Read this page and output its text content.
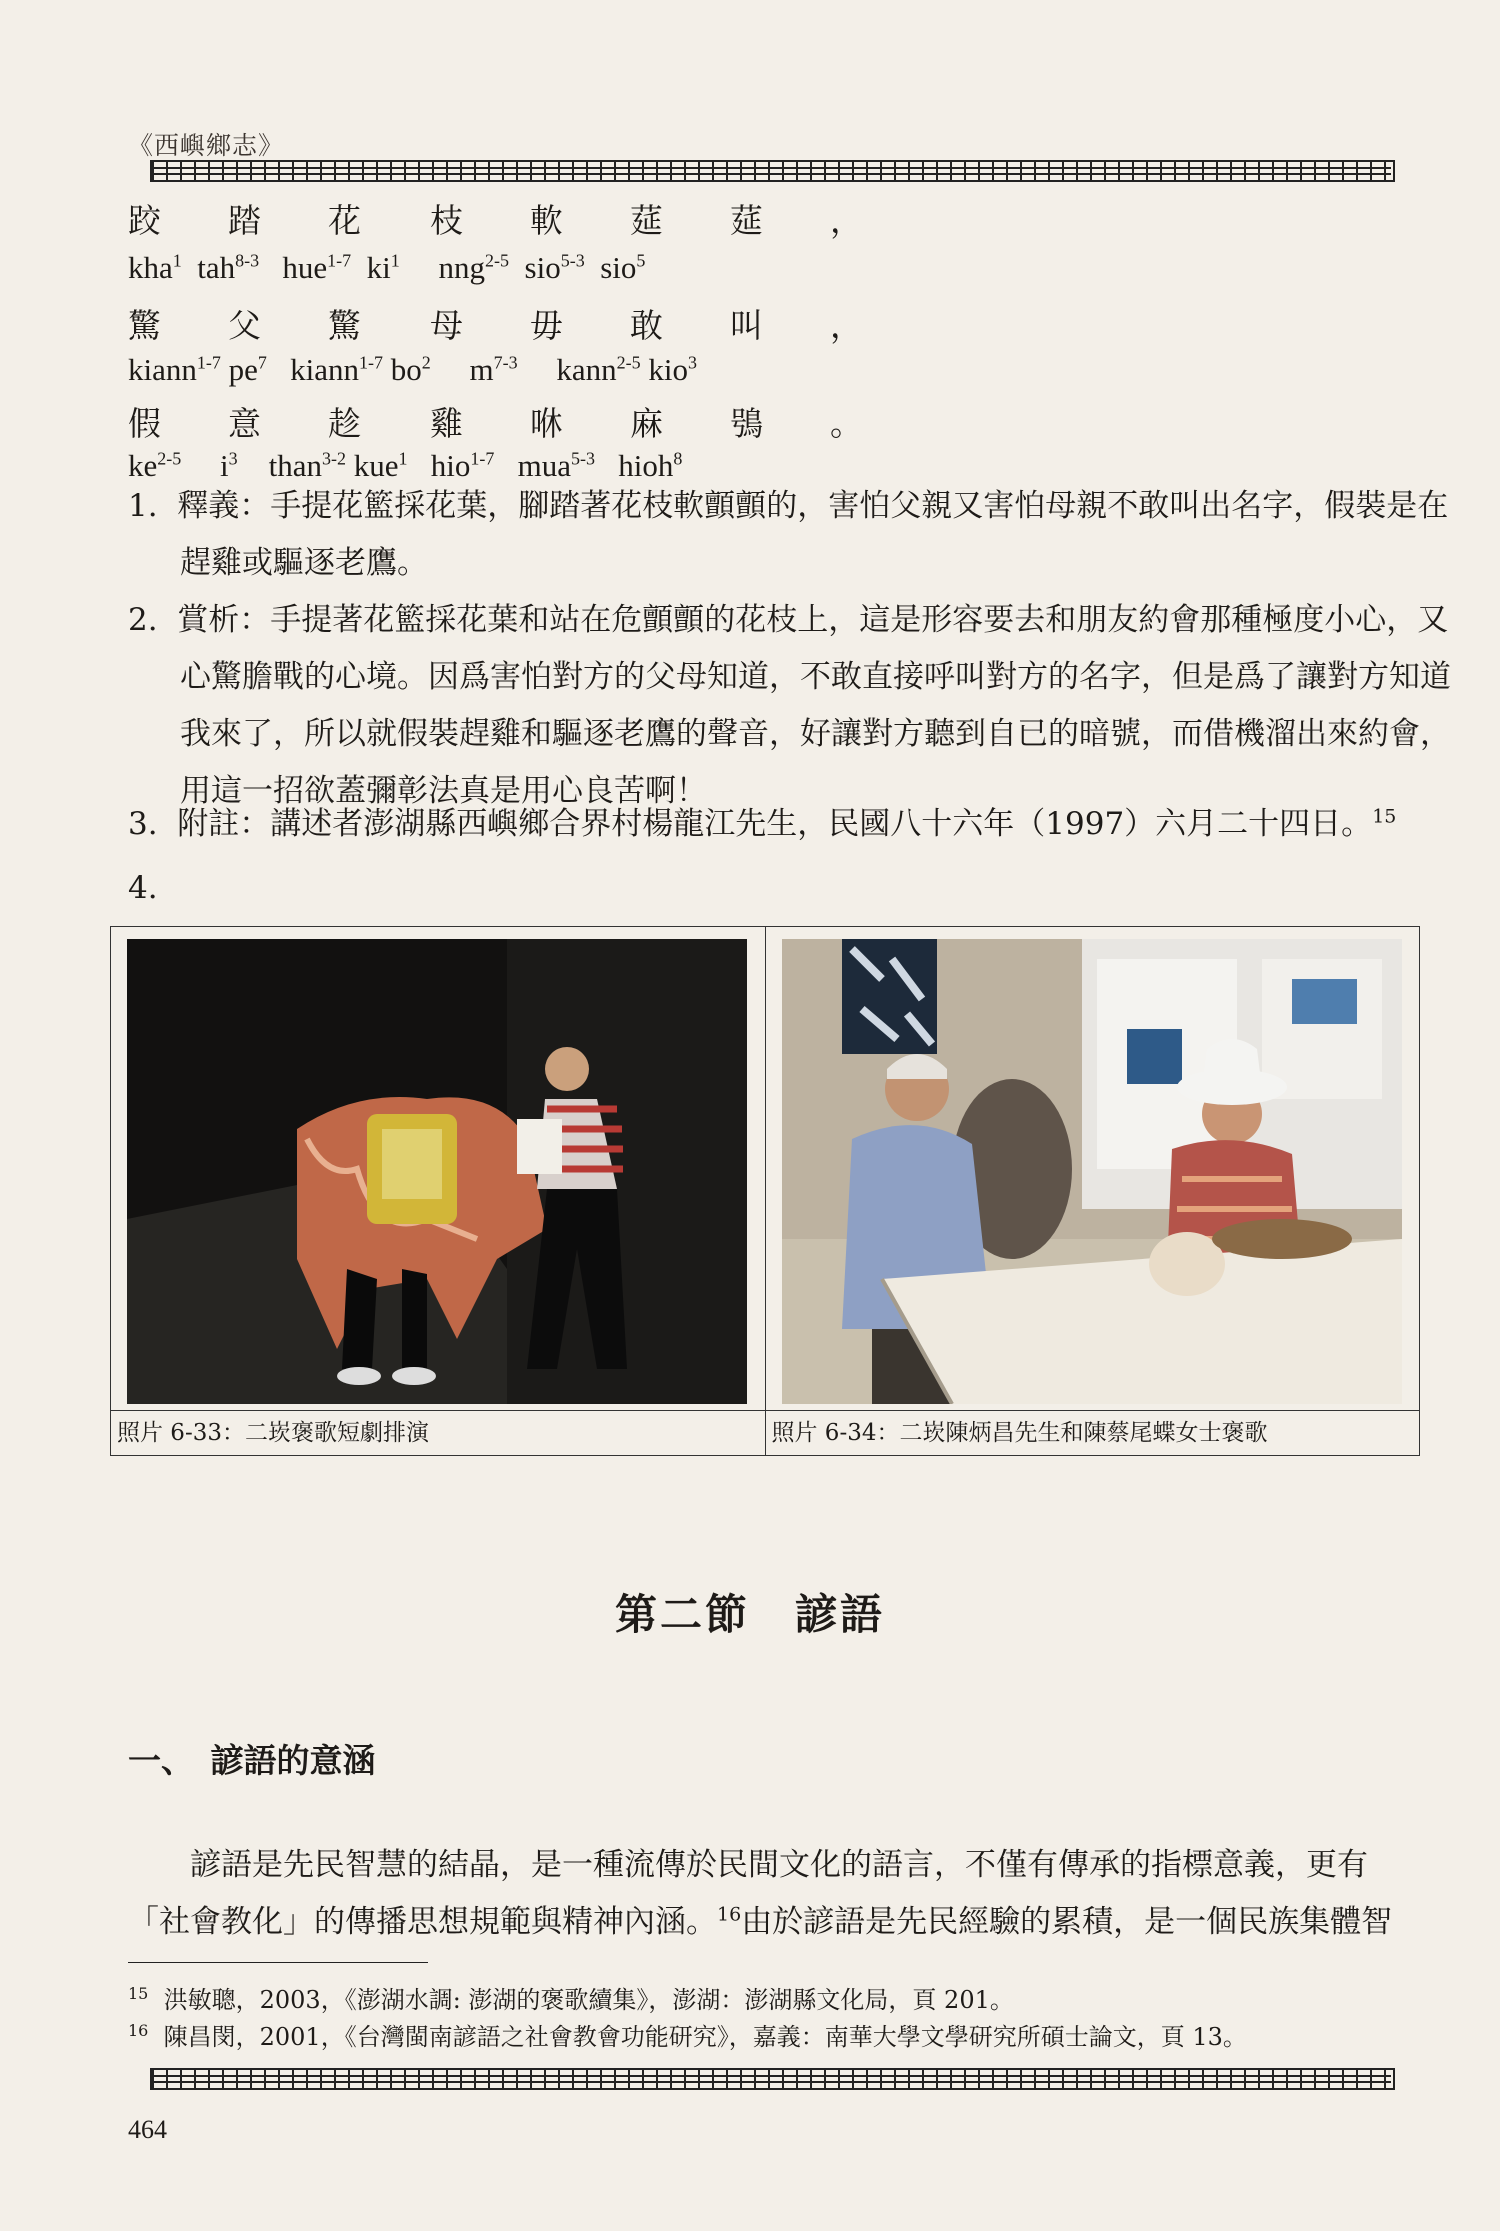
《西嶼鄉志》
跤 踏 花 枝 軟 莚 莚 ，
kha$^1$ tah$^{8-3}$ hue$^{1-7}$ $ki^1$ nng$^{2-5}$ sio$^{5-3}$ sio$^5$
驚 父 驚 母 毋 敢 叫 ，
kiann$^{1-7}$ $pe^7$ kiann$^{1-7}$ $bo^2$ $m^{7-3}$ kann$^{2-5}$ kio$^3$
假 意 趁 雞 咻 麻 鴞 。
$ke^{2-5}$ $i^3$ than$^{3-2}$ kue$^1$ hio$^{1-7}$ mua$^{5-3}$ hioh$^8$
1. 釋義：手提花籃採花葉，腳踏著花枝軟顫顫的，害怕父親又害怕母親不敢叫出名字，假裝是在趕雞或驅逐老鷹。
2. 賞析：手提著花籃採花葉和站在危顫顫的花枝上，這是形容要去和朋友約會那種極度小心，又心驚膽戰的心境。因爲害怕對方的父母知道，不敢直接呼叫對方的名字，但是爲了讓對方知道我來了，所以就假裝趕雞和驅逐老鷹的聲音，好讓對方聽到自已的暗號，而借機溜出來約會，用這一招欲蓋彌彰法真是用心良苦啊！
3. 附註：講述者澎湖縣西嶼鄉合界村楊龍江先生，民國八十六年（1997）六月二十四日。$^{15}$
4.
照片 6-33：二崁褒歌短劇排演	照片 6-34：二崁陳炳昌先生和陳蔡尾蝶女士褒歌
第二節　諺語
一、　諺語的意涵
諺語是先民智慧的結晶，是一種流傳於民間文化的語言，不僅有傳承的指標意義，更有「社會教化」的傳播思想規範與精神內涵。$^{16}$由於諺語是先民經驗的累積，是一個民族集體智
$^{15}$ 洪敏聰，2003，《澎湖水調: 澎湖的褒歌續集》，澎湖：澎湖縣文化局，頁 201。
$^{16}$ 陳昌閔，2001，《台灣閩南諺語之社會教會功能研究》，嘉義：南華大學文學研究所碩士論文，頁 13。
464
